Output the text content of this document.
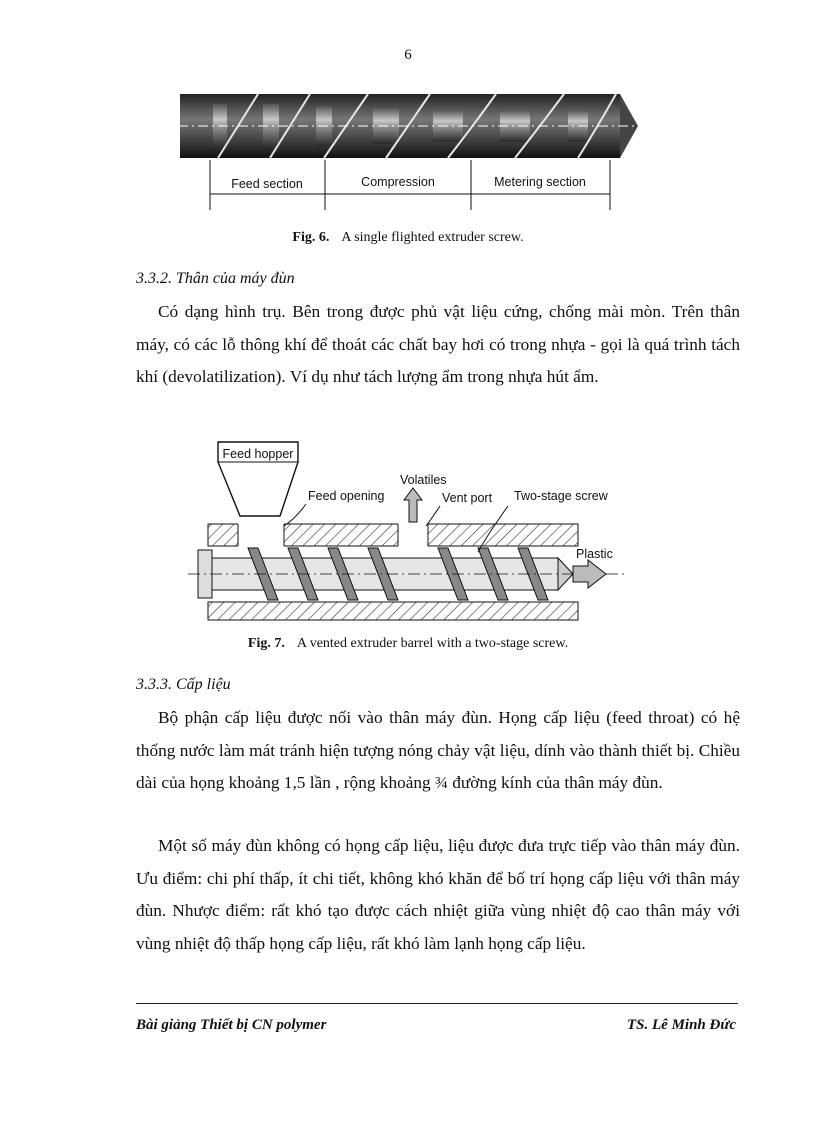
6
Feed section	Compression	Metering section
Fig. 6. A single flighted extruder screw.
3.3.2. Thân của máy đùn

Có dạng hình trụ. Bên trong được phủ vật liệu cứng, chống mài mòn. Trên thân máy, có các lỗ thông khí để thoát các chất bay hơi có trong nhựa - gọi là quá trình tách khí (devolatilization). Ví dụ như tách lượng ẩm trong nhựa hút ẩm.

Feed hopper
Feed opening
Volatiles
Vent port Two-stage screw
Plastic
Fig. 7. A vented extruder barrel with a two-stage screw.
3.3.3. Cấp liệu

Bộ phận cấp liệu được nối vào thân máy đùn. Họng cấp liệu (feed throat) có hệ thống nước làm mát tránh hiện tượng nóng chảy vật liệu, dính vào thành thiết bị. Chiều dài của họng khoảng 1,5 lần , rộng khoảng ¾ đường kính của thân máy đùn.

Một số máy đùn không có họng cấp liệu, liệu được đưa trực tiếp vào thân máy đùn. Ưu điểm: chi phí thấp, ít chi tiết, không khó khăn để bố trí họng cấp liệu với thân máy đùn. Nhược điểm: rất khó tạo được cách nhiệt giữa vùng nhiệt độ cao thân máy với vùng nhiệt độ thấp họng cấp liệu, rất khó làm lạnh họng cấp liệu.

Bài giảng Thiết bị CN polymer	TS. Lê Minh Đức
